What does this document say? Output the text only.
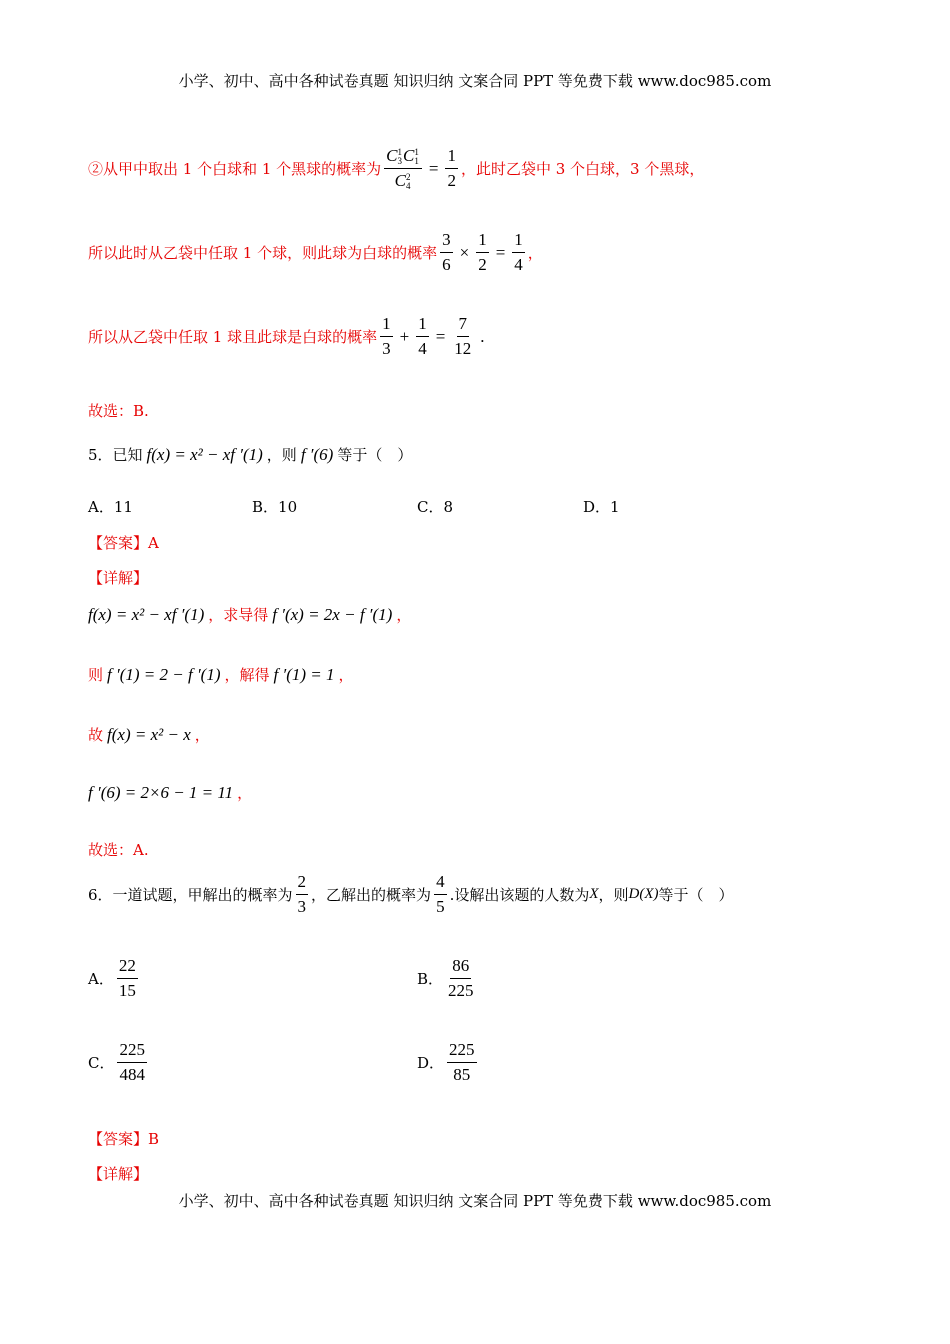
小学、初中、高中各种试卷真题 知识归纳 文案合同 PPT 等免费下载 www.doc985.com
②从甲中取出 1 个白球和 1 个黑球的概率为 C 1
3 C 1
1
C 2
$4 = \frac{1}{2}$ ，此时乙袋中 3 个白球，3 个黑球，
所以此时从乙袋中任取 1 个球，则此球为白球的概率 $\frac{3}{6} \times \frac{1}{2} = \frac{1}{4}$ ，
所以从乙袋中任取 1 球且此球是白球的概率 $\frac{1}{3} + \frac{1}{4} = \frac{7}{12}$ .
故选：B.
5．已知 f(x) = x² − xf ′(1) ，则 f ′(6) 等于（　）
A．11	B．10	C．8	D．1
【答案】 A
【详解】
f(x) = x² − xf ′(1) ，求导得 f ′(x) = 2x − f ′(1) ，
则 f ′(1) = 2 − f ′(1) ，解得 f ′(1) = 1 ，
故 f(x) = x² − x ，
f ′(6) = 2×6 − 1 = 11 ，
故选：A.
6．一道试题，甲解出的概率为 $\frac{2}{3}$ ，乙解出的概率为 $\frac{4}{5}$ .设解出该题的人数为 X ，则 D(X) 等于（　）
A． $\frac{22}{15}$	B． $\frac{86}{225}$
C． $\frac{225}{484}$	D． $\frac{225}{85}$
【答案】 B
【详解】
小学、初中、高中各种试卷真题 知识归纳 文案合同 PPT 等免费下载 www.doc985.com
